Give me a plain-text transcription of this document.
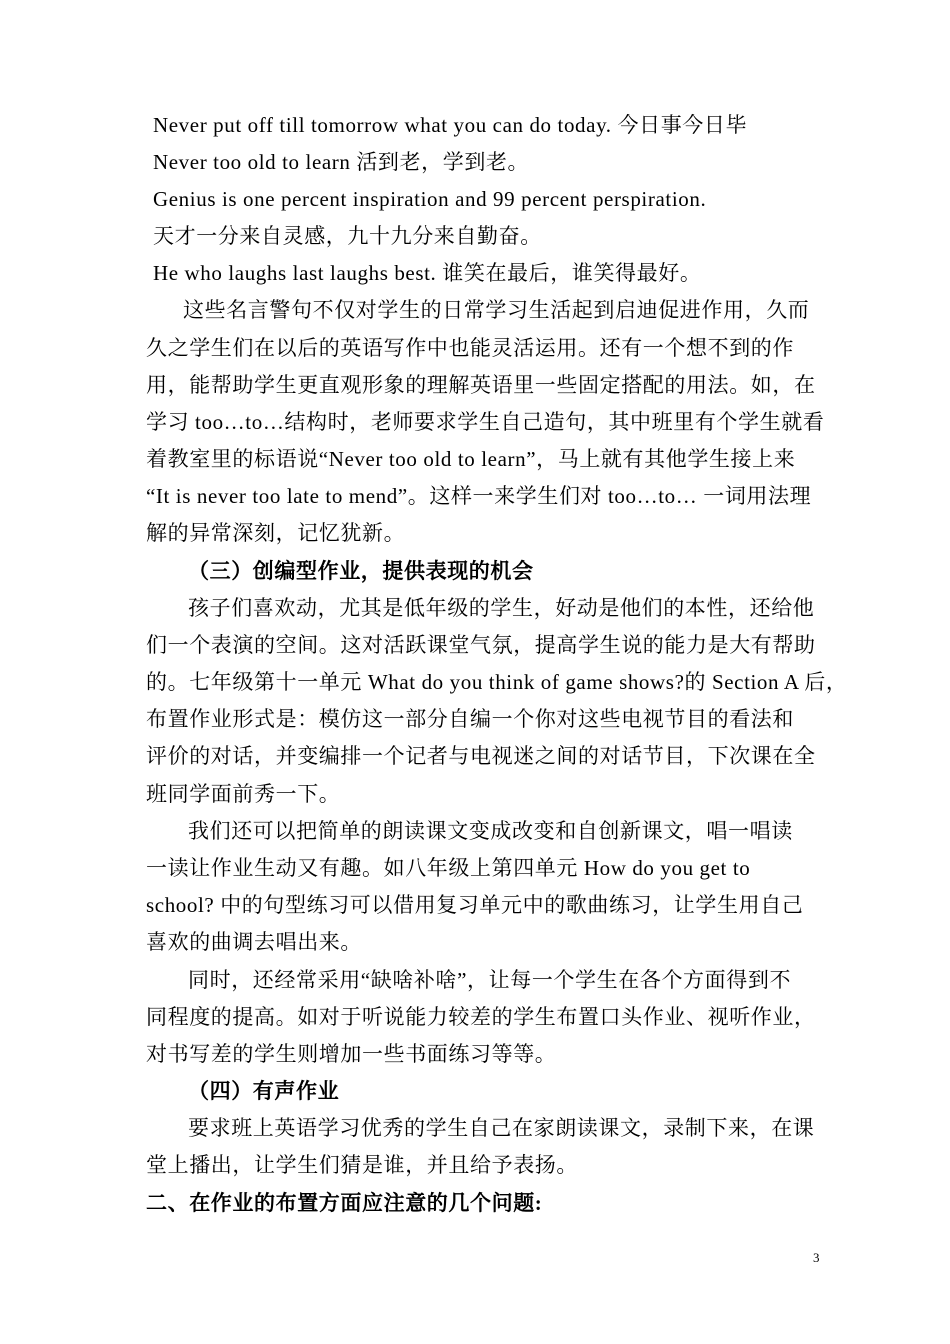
Never put off till tomorrow what you can do today. 今日事今日毕
Never too old to learn 活到老，学到老。
Genius is one percent inspiration and 99 percent perspiration.
天才一分来自灵感，九十九分来自勤奋。
He who laughs last laughs best. 谁笑在最后，谁笑得最好。
这些名言警句不仅对学生的日常学习生活起到启迪促进作用，久而
久之学生们在以后的英语写作中也能灵活运用。还有一个想不到的作
用，能帮助学生更直观形象的理解英语里一些固定搭配的用法。如，在
学习 too…to…结构时，老师要求学生自己造句，其中班里有个学生就看
着教室里的标语说“Never too old to learn”，马上就有其他学生接上来
“It is never too late to mend”。这样一来学生们对 too…to… 一词用法理
解的异常深刻，记忆犹新。
（三）创编型作业，提供表现的机会
孩子们喜欢动，尤其是低年级的学生，好动是他们的本性，还给他
们一个表演的空间。这对活跃课堂气氛，提高学生说的能力是大有帮助
的。七年级第十一单元 What do you think of game shows?的 Section A 后，
布置作业形式是：模仿这一部分自编一个你对这些电视节目的看法和
评价的对话，并变编排一个记者与电视迷之间的对话节目，下次课在全
班同学面前秀一下。
我们还可以把简单的朗读课文变成改变和自创新课文，唱一唱读
一读让作业生动又有趣。如八年级上第四单元 How do you get to
school? 中的句型练习可以借用复习单元中的歌曲练习，让学生用自己
喜欢的曲调去唱出来。
同时，还经常采用“缺啥补啥”，让每一个学生在各个方面得到不
同程度的提高。如对于听说能力较差的学生布置口头作业、视听作业，
对书写差的学生则增加一些书面练习等等。
（四）有声作业
要求班上英语学习优秀的学生自己在家朗读课文，录制下来，在课
堂上播出，让学生们猜是谁，并且给予表扬。
二、在作业的布置方面应注意的几个问题:
3
